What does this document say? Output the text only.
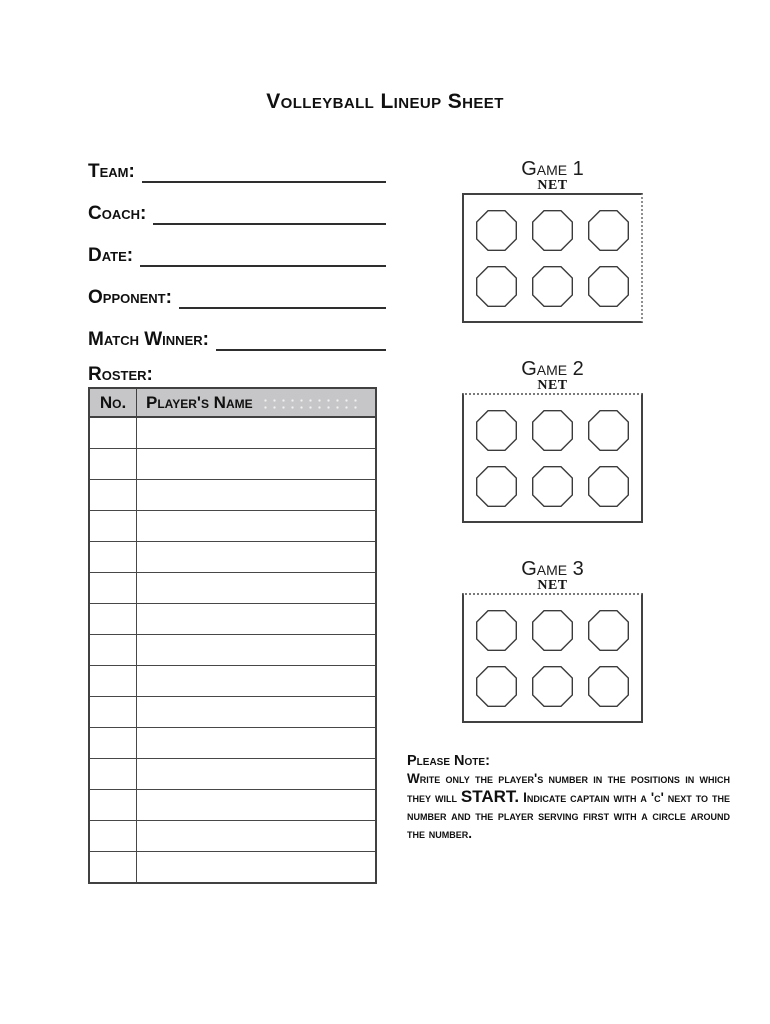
Volleyball Lineup Sheet
Team:
Coach:
Date:
Opponent:
Match Winner:
Roster:
No.	Player's Name

Game 1
NET
Game 2
NET
Game 3
NET
Please Note:

Write only the player's number in the positions in which they will START. Indicate captain with a 'c' next to the number and the player serving first with a circle around the number.
